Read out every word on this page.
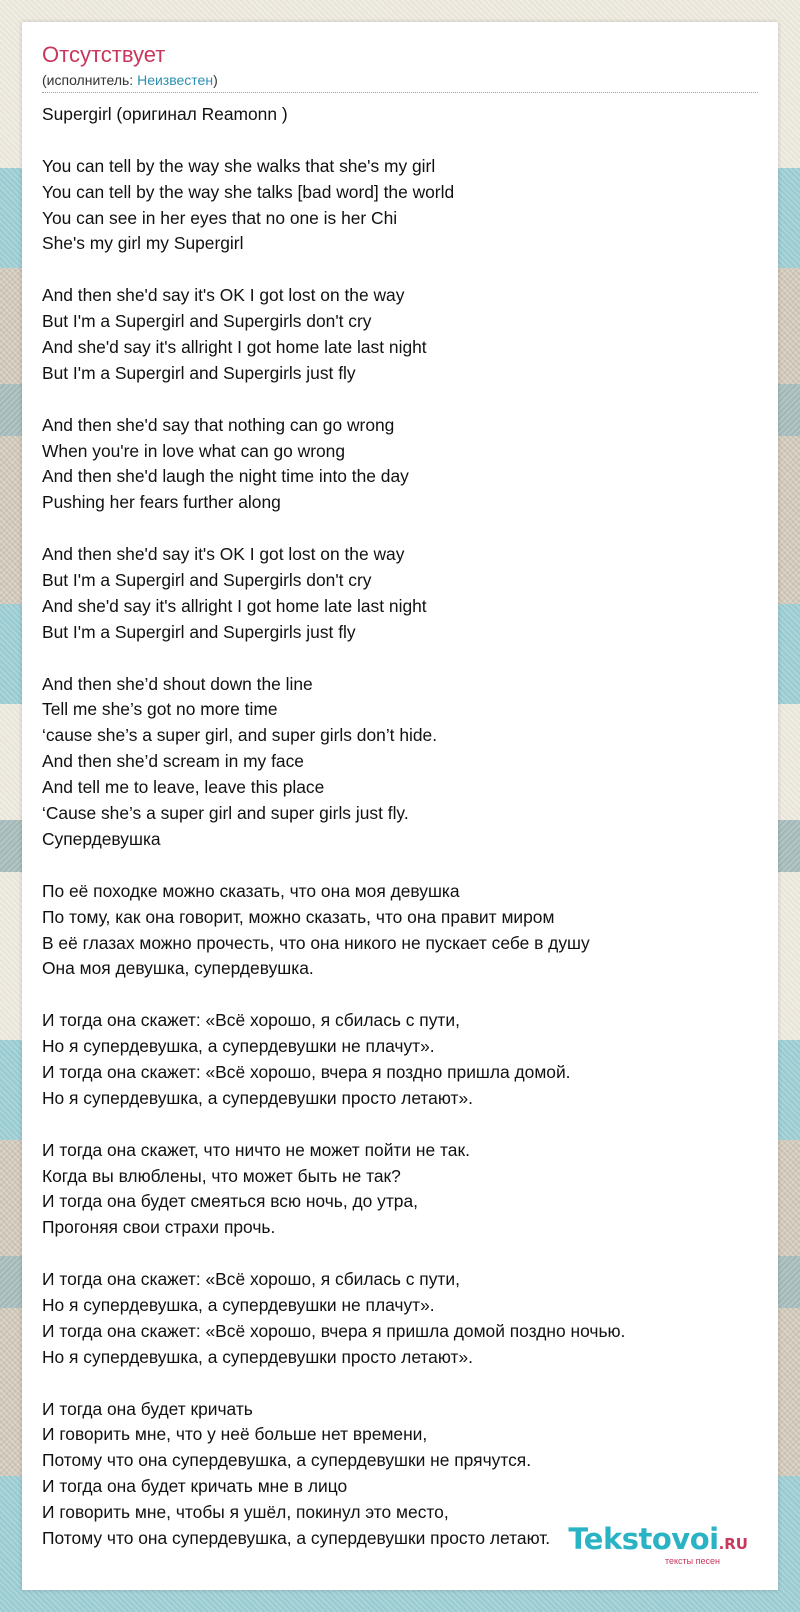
Отсутствует
(исполнитель: Неизвестен)
Supergirl (оригинал Reamonn )
You can tell by the way she walks that she's my girl
You can tell by the way she talks [bad word] the world
You can see in her eyes that no one is her Chi
She's my girl my Supergirl
And then she'd say it's OK I got lost on the way
But I'm a Supergirl and Supergirls don't cry
And she'd say it's allright I got home late last night
But I'm a Supergirl and Supergirls just fly
And then she'd say that nothing can go wrong
When you're in love what can go wrong
And then she'd laugh the night time into the day
Pushing her fears further along
And then she'd say it's OK I got lost on the way
But I'm a Supergirl and Supergirls don't cry
And she'd say it's allright I got home late last night
But I'm a Supergirl and Supergirls just fly
And then she’d shout down the line
Tell me she’s got no more time
‘cause she’s a super girl, and super girls don’t hide.
And then she’d scream in my face
And tell me to leave, leave this place
‘Cause she’s a super girl and super girls just fly.
Супердевушка
По её походке можно сказать, что она моя девушка
По тому, как она говорит, можно сказать, что она правит миром
В её глазах можно прочесть, что она никого не пускает себе в душу
Она моя девушка, супердевушка.
И тогда она скажет: «Всё хорошо, я сбилась с пути,
Но я супердевушка, а супердевушки не плачут».
И тогда она скажет: «Всё хорошо, вчера я поздно пришла домой.
Но я супердевушка, а супердевушки просто летают».
И тогда она скажет, что ничто не может пойти не так.
Когда вы влюблены, что может быть не так?
И тогда она будет смеяться всю ночь, до утра,
Прогоняя свои страхи прочь.
И тогда она скажет: «Всё хорошо, я сбилась с пути,
Но я супердевушка, а супердевушки не плачут».
И тогда она скажет: «Всё хорошо, вчера я пришла домой поздно ночью.
Но я супердевушка, а супердевушки просто летают».
И тогда она будет кричать
И говорить мне, что у неё больше нет времени,
Потому что она супердевушка, а супердевушки не прячутся.
И тогда она будет кричать мне в лицо
И говорить мне, чтобы я ушёл, покинул это место,
Потому что она супердевушка, а супердевушки просто летают. Tekstovoi.RU
тексты песен
